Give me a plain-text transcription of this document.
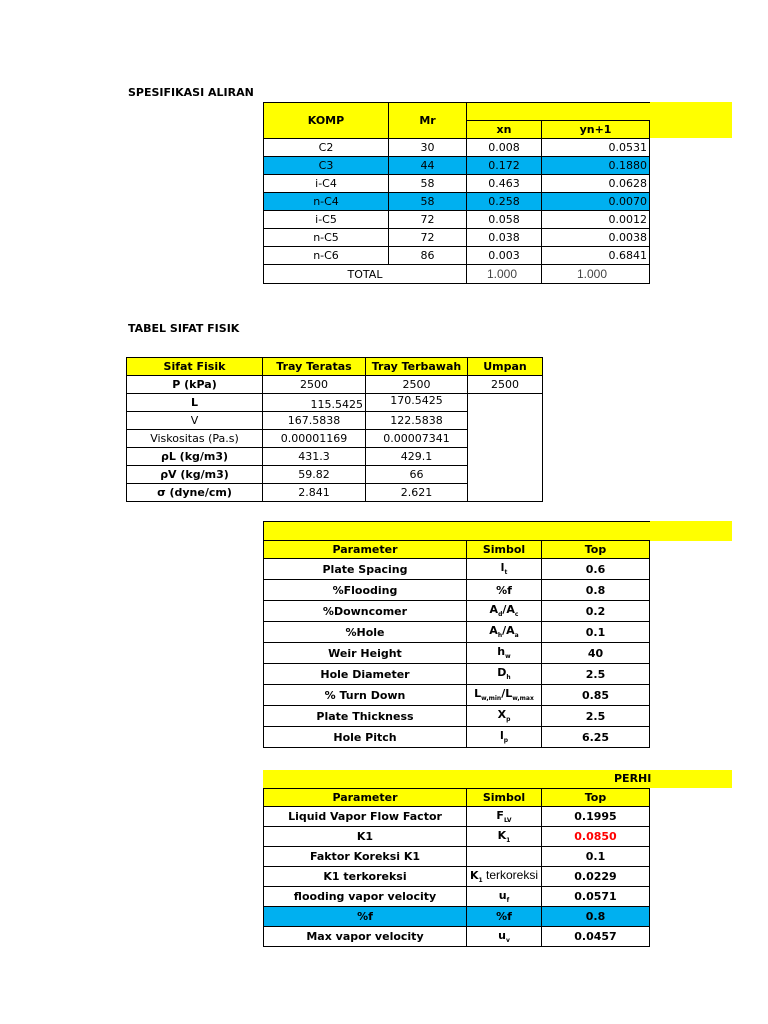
SPESIFIKASI ALIRAN
KOMP	Mr		
		xn	yn+1
C2	30	0.008	0.0531
C3	44	0.172	0.1880
i-C4	58	0.463	0.0628
n-C4	58	0.258	0.0070
i-C5	72	0.058	0.0012
n-C5	72	0.038	0.0038
n-C6	86	0.003	0.6841
TOTAL		1.000	1.000
TABEL SIFAT FISIK
Sifat Fisik	Tray Teratas	Tray Terbawah	Umpan
P (kPa)	2500	2500	2500
L	115.5425	170.5425	
V	167.5838	122.5838	
Viskositas (Pa.s)	0.00001169	0.00007341	
ρL (kg/m3)	431.3	429.1	
ρV (kg/m3)	59.82	66	
σ (dyne/cm)	2.841	2.621	

Parameter	Simbol	Top
Plate Spacing	$l_t$	0.6
%Flooding	%f	0.8
%Downcomer	$A_d/A_c$	0.2
%Hole	$A_h/A_a$	0.1
Weir Height	$h_w$	40
Hole Diameter	$D_h$	2.5
% Turn Down	$L_{w,min}/L_{w,max}$	0.85
Plate Thickness	$X_p$	2.5
Hole Pitch	$l_p$	6.25
PERHI
Parameter	Simbol	Top
Liquid Vapor Flow Factor	$F_{LV}$	0.1995
K1	$K_1$	0.0850
Faktor Koreksi K1		0.1
K1 terkoreksi	$K_1$ terkoreksi	0.0229
flooding vapor velocity	$u_f$	0.0571
%f	%f	0.8
Max vapor velocity	$u_v$	0.0457
